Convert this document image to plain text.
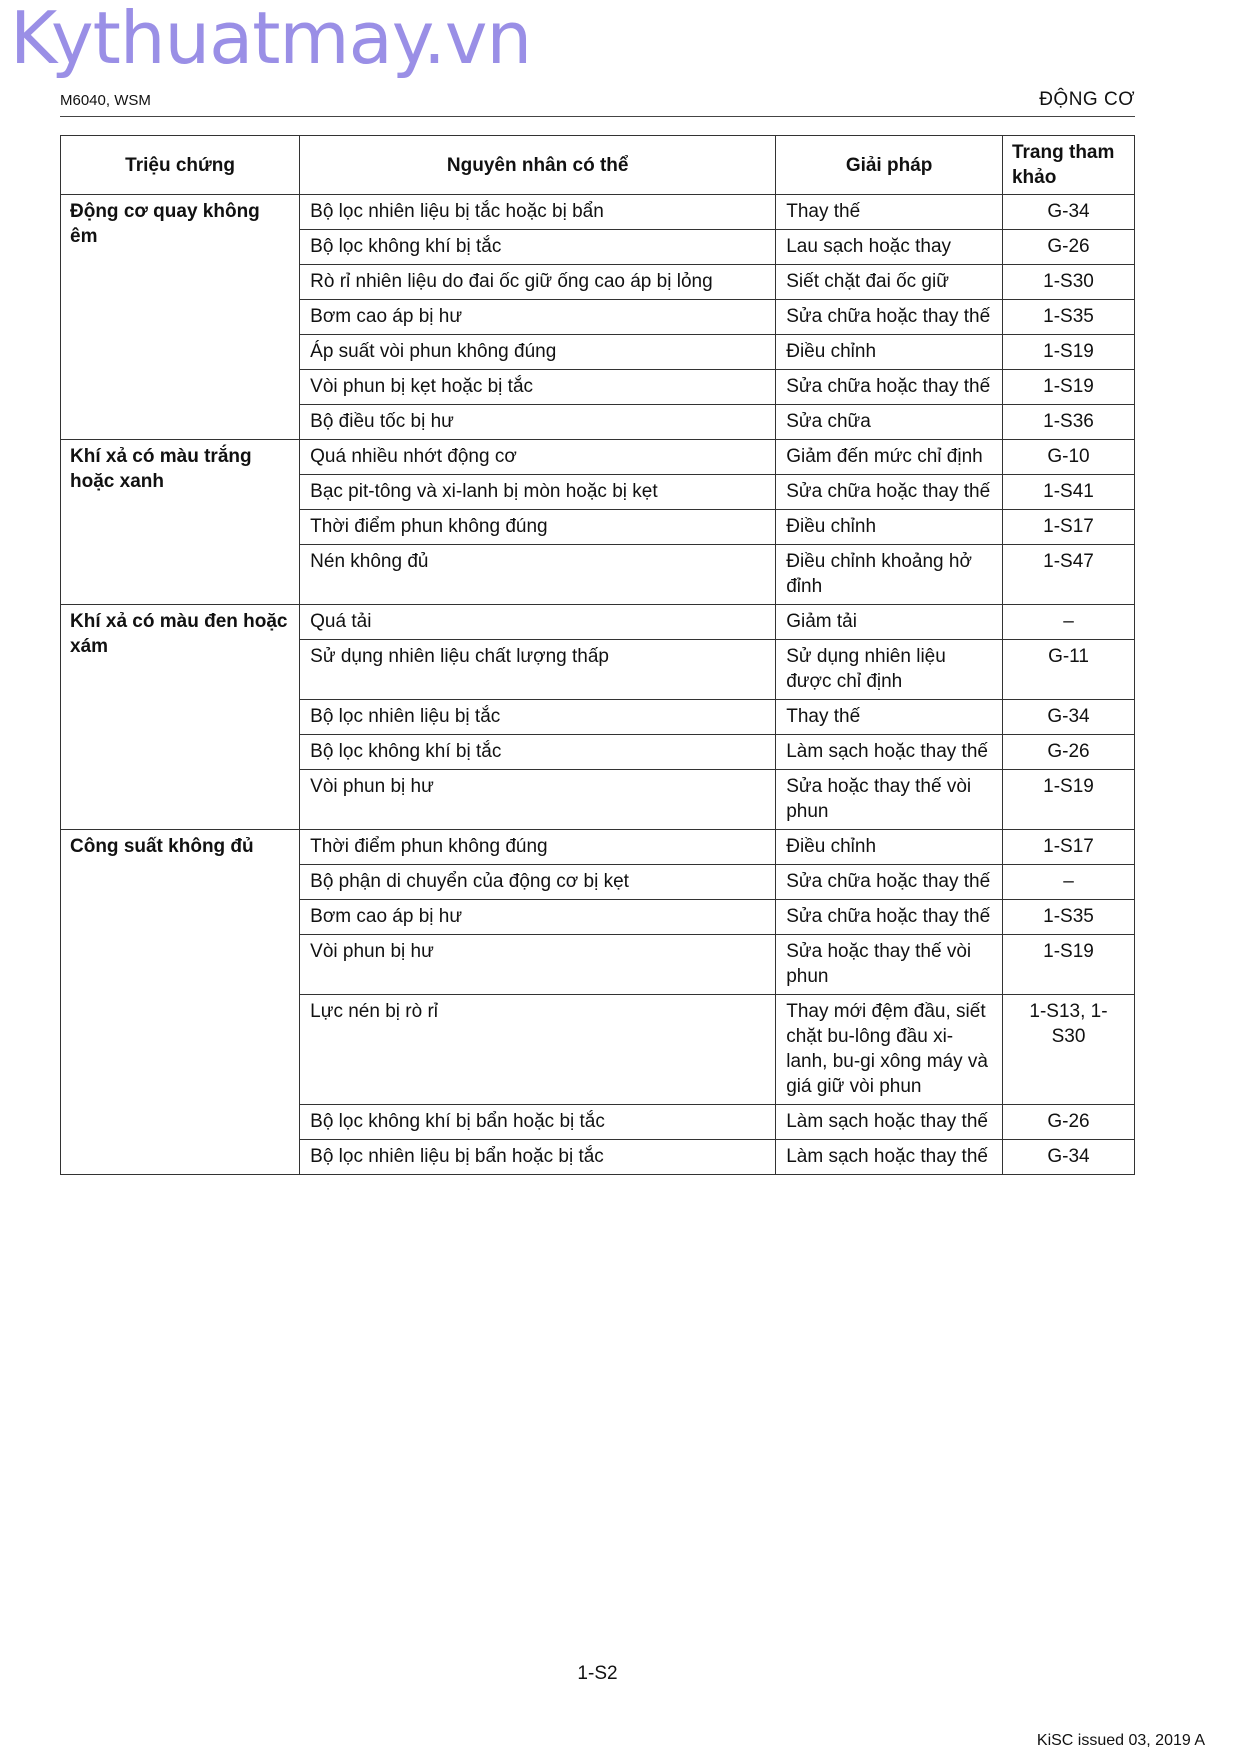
Kythuatmay.vn
M6040, WSM	ĐỘNG CƠ
Triệu chứng	Nguyên nhân có thể	Giải pháp	Trang tham khảo
Động cơ quay không êm	Bộ lọc nhiên liệu bị tắc hoặc bị bẩn	Thay thế	G-34
	Bộ lọc không khí bị tắc	Lau sạch hoặc thay	G-26
	Rò rỉ nhiên liệu do đai ốc giữ ống cao áp bị lỏng	Siết chặt đai ốc giữ	1-S30
	Bơm cao áp bị hư	Sửa chữa hoặc thay thế	1-S35
	Áp suất vòi phun không đúng	Điều chỉnh	1-S19
	Vòi phun bị kẹt hoặc bị tắc	Sửa chữa hoặc thay thế	1-S19
	Bộ điều tốc bị hư	Sửa chữa	1-S36
Khí xả có màu trắng hoặc xanh	Quá nhiều nhớt động cơ	Giảm đến mức chỉ định	G-10
	Bạc pit-tông và xi-lanh bị mòn hoặc bị kẹt	Sửa chữa hoặc thay thế	1-S41
	Thời điểm phun không đúng	Điều chỉnh	1-S17
	Nén không đủ	Điều chỉnh khoảng hở đỉnh	1-S47
Khí xả có màu đen hoặc xám	Quá tải	Giảm tải	–
	Sử dụng nhiên liệu chất lượng thấp	Sử dụng nhiên liệu được chỉ định	G-11
	Bộ lọc nhiên liệu bị tắc	Thay thế	G-34
	Bộ lọc không khí bị tắc	Làm sạch hoặc thay thế	G-26
	Vòi phun bị hư	Sửa hoặc thay thế vòi phun	1-S19
Công suất không đủ	Thời điểm phun không đúng	Điều chỉnh	1-S17
	Bộ phận di chuyển của động cơ bị kẹt	Sửa chữa hoặc thay thế	–
	Bơm cao áp bị hư	Sửa chữa hoặc thay thế	1-S35
	Vòi phun bị hư	Sửa hoặc thay thế vòi phun	1-S19
	Lực nén bị rò rỉ	Thay mới đệm đầu, siết chặt bu-lông đầu xi-lanh, bu-gi xông máy và giá giữ vòi phun	1-S13, 1-S30
	Bộ lọc không khí bị bẩn hoặc bị tắc	Làm sạch hoặc thay thế	G-26
	Bộ lọc nhiên liệu bị bẩn hoặc bị tắc	Làm sạch hoặc thay thế	G-34
1-S2
KiSC issued 03, 2019 A
